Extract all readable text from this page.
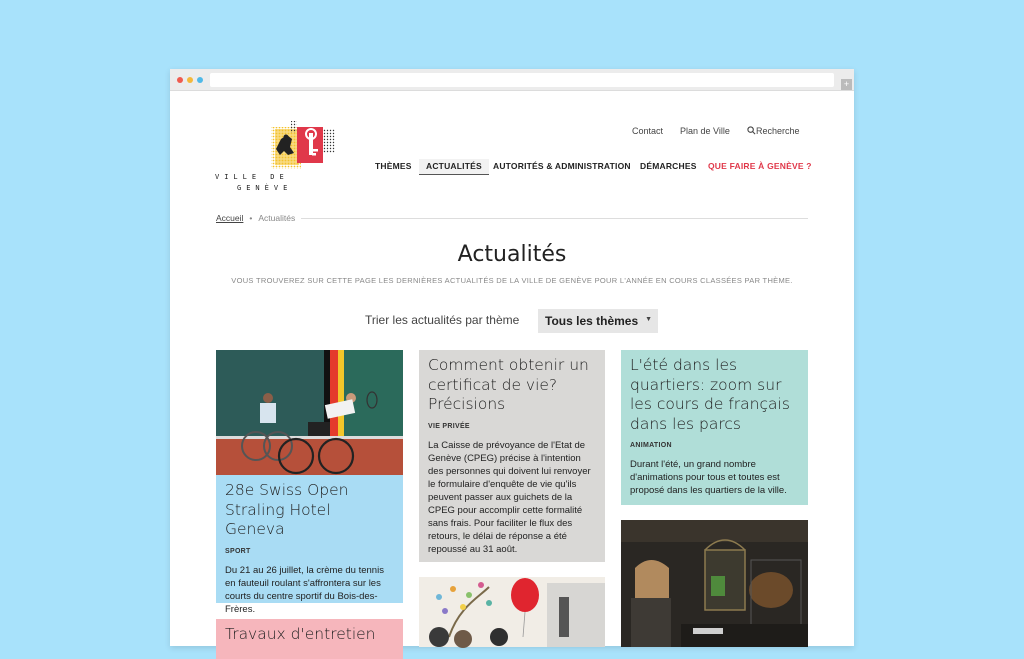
+
VILLE DE
GENÈVE
Contact Plan de Ville	Recherche
THÈMES	ACTUALITÉS	AUTORITÉS & ADMINISTRATION DÉMARCHES QUE FAIRE À GENÈVE ?
Accueil • Actualités
Actualités
VOUS TROUVEREZ SUR CETTE PAGE LES DERNIÈRES ACTUALITÉS DE LA VILLE DE GENÈVE POUR L'ANNÉE EN COURS CLASSÉES PAR THÈME.
Trier les actualités par thème	Tous les thèmes ▼
28e Swiss Open Straling Hotel Geneva
SPORT
Du 21 au 26 juillet, la crème du tennis en fauteuil roulant s'affrontera sur les courts du centre sportif du Bois-des-Frères.
Travaux d'entretien
Comment obtenir un certificat de vie? Précisions
VIE PRIVÉE
La Caisse de prévoyance de l'Etat de Genève (CPEG) précise à l'intention des personnes qui doivent lui renvoyer le formulaire d'enquête de vie qu'ils peuvent passer aux guichets de la CPEG pour accomplir cette formalité sans frais. Pour faciliter le flux des retours, le délai de réponse a été repoussé au 31 août.
L'été dans les quartiers: zoom sur les cours de français dans les parcs
ANIMATION
Durant l'été, un grand nombre d'animations pour tous et toutes est proposé dans les quartiers de la ville.
